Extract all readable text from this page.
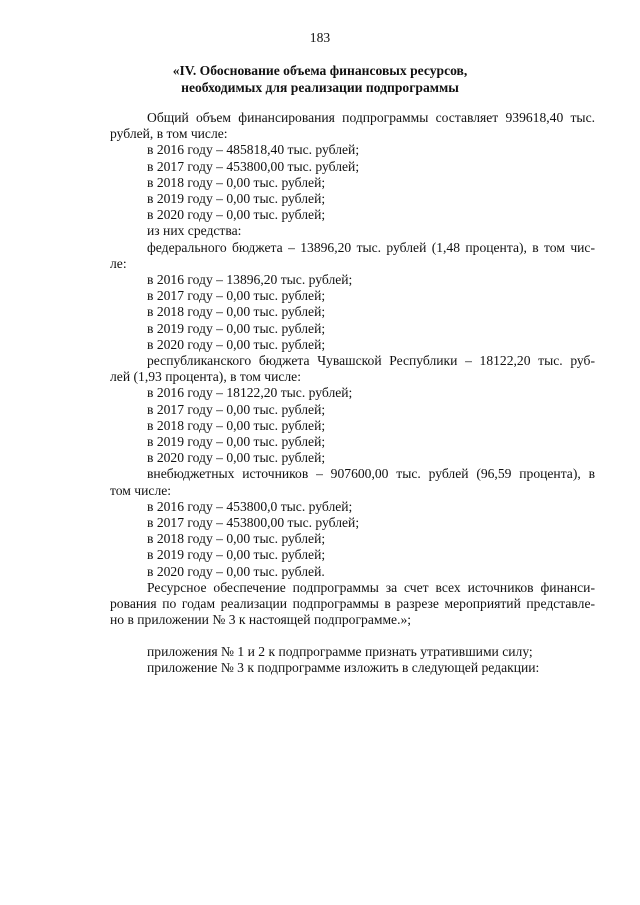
183
«IV. Обоснование объема финансовых ресурсов,
необходимых для реализации подпрограммы

Общий объем финансирования подпрограммы составляет 939618,40 тыс.

рублей, в том числе:

в 2016 году – 485818,40 тыс. рублей;

в 2017 году – 453800,00 тыс. рублей;

в 2018 году – 0,00 тыс. рублей;

в 2019 году – 0,00 тыс. рублей;

в 2020 году – 0,00 тыс. рублей;

из них средства:

федерального бюджета – 13896,20 тыс. рублей (1,48 процента), в том чис-

ле:

в 2016 году – 13896,20 тыс. рублей;

в 2017 году – 0,00 тыс. рублей;

в 2018 году – 0,00 тыс. рублей;

в 2019 году – 0,00 тыс. рублей;

в 2020 году – 0,00 тыс. рублей;

республиканского бюджета Чувашской Республики – 18122,20 тыс. руб-

лей (1,93 процента), в том числе:

в 2016 году – 18122,20 тыс. рублей;

в 2017 году – 0,00 тыс. рублей;

в 2018 году – 0,00 тыс. рублей;

в 2019 году – 0,00 тыс. рублей;

в 2020 году – 0,00 тыс. рублей;

внебюджетных источников – 907600,00 тыс. рублей (96,59 процента), в

том числе:

в 2016 году – 453800,0 тыс. рублей;

в 2017 году – 453800,00 тыс. рублей;

в 2018 году – 0,00 тыс. рублей;

в 2019 году – 0,00 тыс. рублей;

в 2020 году – 0,00 тыс. рублей.

Ресурсное обеспечение подпрограммы за счет всех источников финанси-

рования по годам реализации подпрограммы в разрезе мероприятий представле-

но в приложении № 3 к настоящей подпрограмме.»;

приложения № 1 и 2 к подпрограмме признать утратившими силу;

приложение № 3 к подпрограмме изложить в следующей редакции:
